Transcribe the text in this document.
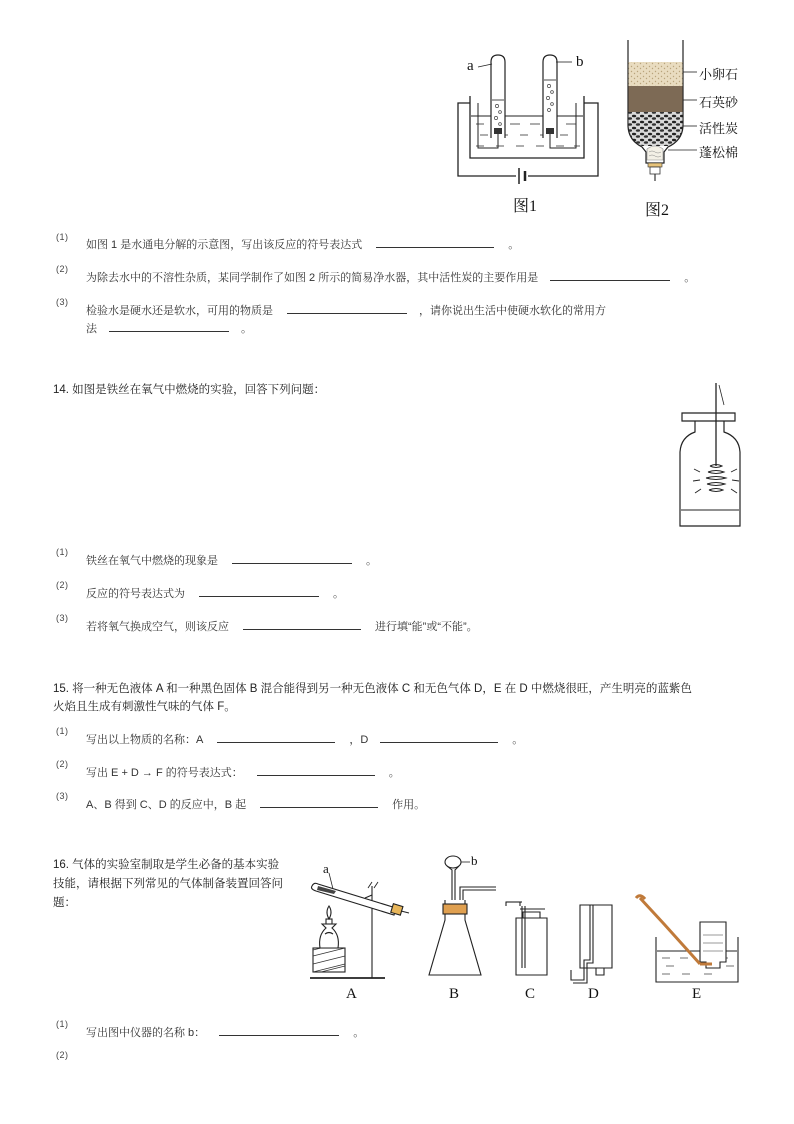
a	b
图1
小卵石
石英砂
活性炭
蓬松棉
图2
(1)
如图 1 是水通电分解的示意图，写出该反应的符号表达式	。
(2)
为除去水中的不溶性杂质，某同学制作了如图 2 所示的简易净水器，其中活性炭的主要作用是	。
(3)
检验水是硬水还是软水，可用的物质是	，请你说出生活中使硬水软化的常用方
法	。
14. 如图是铁丝在氧气中燃烧的实验，回答下列问题：
(1)
铁丝在氧气中燃烧的现象是	。
(2)
反应的符号表达式为	。
(3)
若将氧气换成空气，则该反应	进行填“能”或“不能”。
15. 将一种无色液体 A 和一种黑色固体 B 混合能得到另一种无色液体 C 和无色气体 D，E 在 D 中燃烧很旺，产生明亮的蓝紫色
火焰且生成有刺激性气味的气体 F。
(1)
写出以上物质的名称：A	，D	。
(2)
写出 E + D → F 的符号表达式：	。
(3)
A、B 得到 C、D 的反应中，B 起	作用。
16. 气体的实验室制取是学生必备的基本实验
技能，请根据下列常见的气体制备装置回答问
题：
a
b
A	B	C	D	E
(1)
写出图中仪器的名称 b：	。
(2)
